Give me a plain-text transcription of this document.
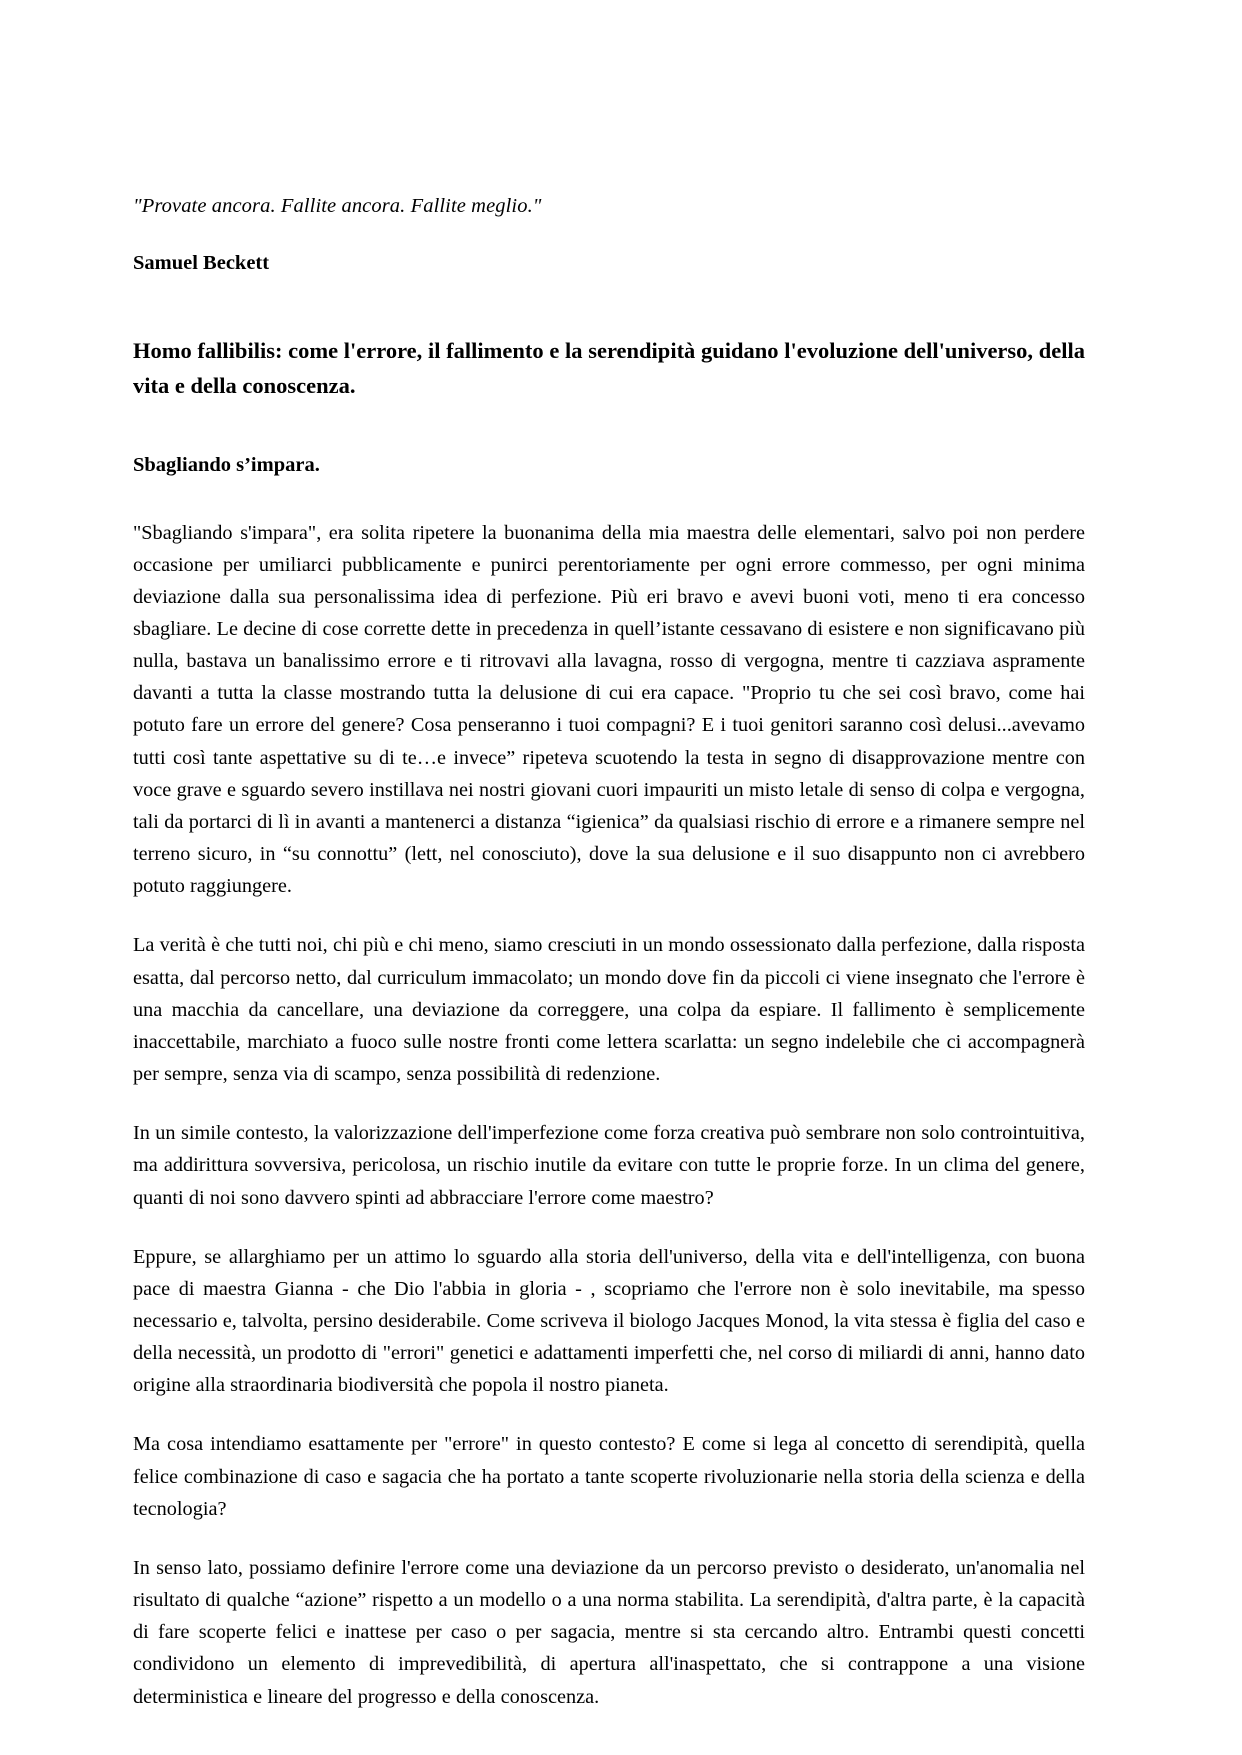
"Provate ancora. Fallite ancora. Fallite meglio."
Samuel Beckett
Homo fallibilis: come l'errore, il fallimento e la serendipità guidano l'evoluzione dell'universo, della vita e della conoscenza.
Sbagliando s’impara.

"Sbagliando s'impara", era solita ripetere la buonanima della mia maestra delle elementari, salvo poi non perdere occasione per umiliarci pubblicamente e punirci perentoriamente per ogni errore commesso, per ogni minima deviazione dalla sua personalissima idea di perfezione. Più eri bravo e avevi buoni voti, meno ti era concesso sbagliare. Le decine di cose corrette dette in precedenza in quell’istante cessavano di esistere e non significavano più nulla, bastava un banalissimo errore e ti ritrovavi alla lavagna, rosso di vergogna, mentre ti cazziava aspramente davanti a tutta la classe mostrando tutta la delusione di cui era capace. "Proprio tu che sei così bravo, come hai potuto fare un errore del genere? Cosa penseranno i tuoi compagni? E i tuoi genitori saranno così delusi...avevamo tutti così tante aspettative su di te…e invece” ripeteva scuotendo la testa in segno di disapprovazione mentre con voce grave e sguardo severo instillava nei nostri giovani cuori impauriti un misto letale di senso di colpa e vergogna, tali da portarci di lì in avanti a mantenerci a distanza “igienica” da qualsiasi rischio di errore e a rimanere sempre nel terreno sicuro, in “su connottu” (lett, nel conosciuto), dove la sua delusione e il suo disappunto non ci avrebbero potuto raggiungere.

La verità è che tutti noi, chi più e chi meno, siamo cresciuti in un mondo ossessionato dalla perfezione, dalla risposta esatta, dal percorso netto, dal curriculum immacolato; un mondo dove fin da piccoli ci viene insegnato che l'errore è una macchia da cancellare, una deviazione da correggere, una colpa da espiare. Il fallimento è semplicemente inaccettabile, marchiato a fuoco sulle nostre fronti come lettera scarlatta: un segno indelebile che ci accompagnerà per sempre, senza via di scampo, senza possibilità di redenzione.

In un simile contesto, la valorizzazione dell'imperfezione come forza creativa può sembrare non solo controintuitiva, ma addirittura sovversiva, pericolosa, un rischio inutile da evitare con tutte le proprie forze. In un clima del genere, quanti di noi sono davvero spinti ad abbracciare l'errore come maestro?

Eppure, se allarghiamo per un attimo lo sguardo alla storia dell'universo, della vita e dell'intelligenza, con buona pace di maestra Gianna - che Dio l'abbia in gloria - , scopriamo che l'errore non è solo inevitabile, ma spesso necessario e, talvolta, persino desiderabile. Come scriveva il biologo Jacques Monod, la vita stessa è figlia del caso e della necessità, un prodotto di "errori" genetici e adattamenti imperfetti che, nel corso di miliardi di anni, hanno dato origine alla straordinaria biodiversità che popola il nostro pianeta.

Ma cosa intendiamo esattamente per "errore" in questo contesto? E come si lega al concetto di serendipità, quella felice combinazione di caso e sagacia che ha portato a tante scoperte rivoluzionarie nella storia della scienza e della tecnologia?

In senso lato, possiamo definire l'errore come una deviazione da un percorso previsto o desiderato, un'anomalia nel risultato di qualche “azione” rispetto a un modello o a una norma stabilita. La serendipità, d'altra parte, è la capacità di fare scoperte felici e inattese per caso o per sagacia, mentre si sta cercando altro. Entrambi questi concetti condividono un elemento di imprevedibilità, di apertura all'inaspettato, che si contrappone a una visione deterministica e lineare del progresso e della conoscenza.
